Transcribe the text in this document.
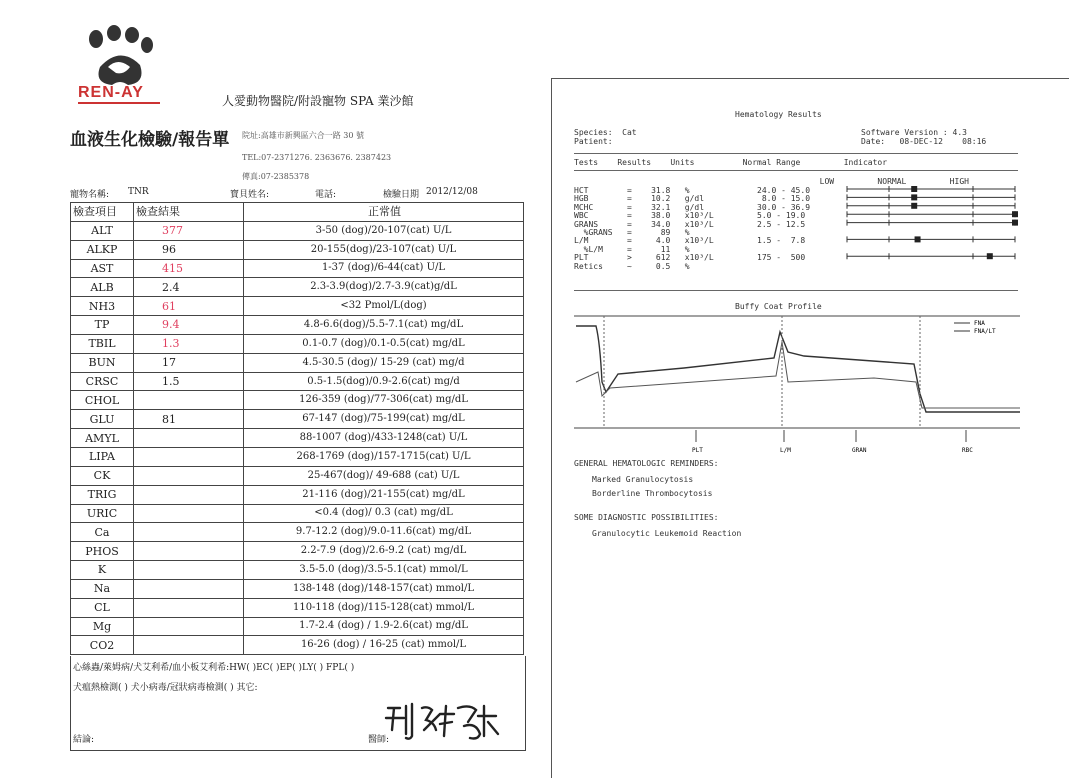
REN-AY	人愛動物醫院/附設寵物 SPA 業沙館
血液生化檢驗/報告單 院址:高雄市新興區六合一路 30 號
TEL:07-2371276. 2363676. 2387423
傳真:07-2385378
寵物名稱: TNR	寶貝姓名:	電話:	檢驗日期 2012/12/08
檢查項目	檢查結果	正常值
ALT	377	3-50 (dog)/20-107(cat) U/L
ALKP	96	20-155(dog)/23-107(cat) U/L
AST	415	1-37 (dog)/6-44(cat) U/L
ALB	2.4	2.3-3.9(dog)/2.7-3.9(cat)g/dL
NH3	61	<32 Pmol/L(dog)
TP	9.4	4.8-6.6(dog)/5.5-7.1(cat) mg/dL
TBIL	1.3	0.1-0.7 (dog)/0.1-0.5(cat) mg/dL
BUN	17	4.5-30.5 (dog)/ 15-29 (cat) mg/d
CRSC	1.5	0.5-1.5(dog)/0.9-2.6(cat) mg/d
CHOL		126-359 (dog)/77-306(cat) mg/dL
GLU	81	67-147 (dog)/75-199(cat) mg/dL
AMYL		88-1007 (dog)/433-1248(cat) U/L
LIPA		268-1769 (dog)/157-1715(cat) U/L
CK		25-467(dog)/ 49-688 (cat) U/L
TRIG		21-116 (dog)/21-155(cat) mg/dL
URIC		<0.4 (dog)/ 0.3 (cat) mg/dL
Ca		9.7-12.2 (dog)/9.0-11.6(cat) mg/dL
PHOS		2.2-7.9 (dog)/2.6-9.2 (cat) mg/dL
K		3.5-5.0 (dog)/3.5-5.1(cat) mmol/L
Na		138-148 (dog)/148-157(cat) mmol/L
CL		110-118 (dog)/115-128(cat) mmol/L
Mg		1.7-2.4 (dog) / 1.9-2.6(cat) mg/dL
CO2		16-26 (dog) / 16-25 (cat) mmol/L
心絲蟲/萊姆病/犬艾利希/血小板艾利希:HW( )EC( )EP( )LY( ) FPL( )
犬瘟熱檢測( ) 犬小病毒/冠狀病毒檢測( ) 其它:
結論:	醫師:
Hematology Results
Species:  Cat
Patient:
Software Version : 4.3
Date:   08-DEC-12    08:16
Tests    Results    Units          Normal Range         Indicator
LOW         NORMAL         HIGH
HCT        =    31.8   %              24.0 - 45.0
HGB        =    10.2   g/dl            8.0 - 15.0
MCHC       =    32.1   g/dl           30.0 - 36.9
WBC        =    38.0   x10³/L         5.0 - 19.0
GRANS      =    34.0   x10³/L         2.5 - 12.5
%GRANS   =      89   %
L/M        =     4.0   x10³/L         1.5 -  7.8
%L/M     =      11   %
PLT        >     612   x10³/L         175 -  500
Retics     ~     0.5   %
Buffy Coat Profile
FNA
FNA/LT
PLT	L/M	GRAN	RBC
GENERAL HEMATOLOGIC REMINDERS:
Marked Granulocytosis
Borderline Thrombocytosis
SOME DIAGNOSTIC POSSIBILITIES:
Granulocytic Leukemoid Reaction
